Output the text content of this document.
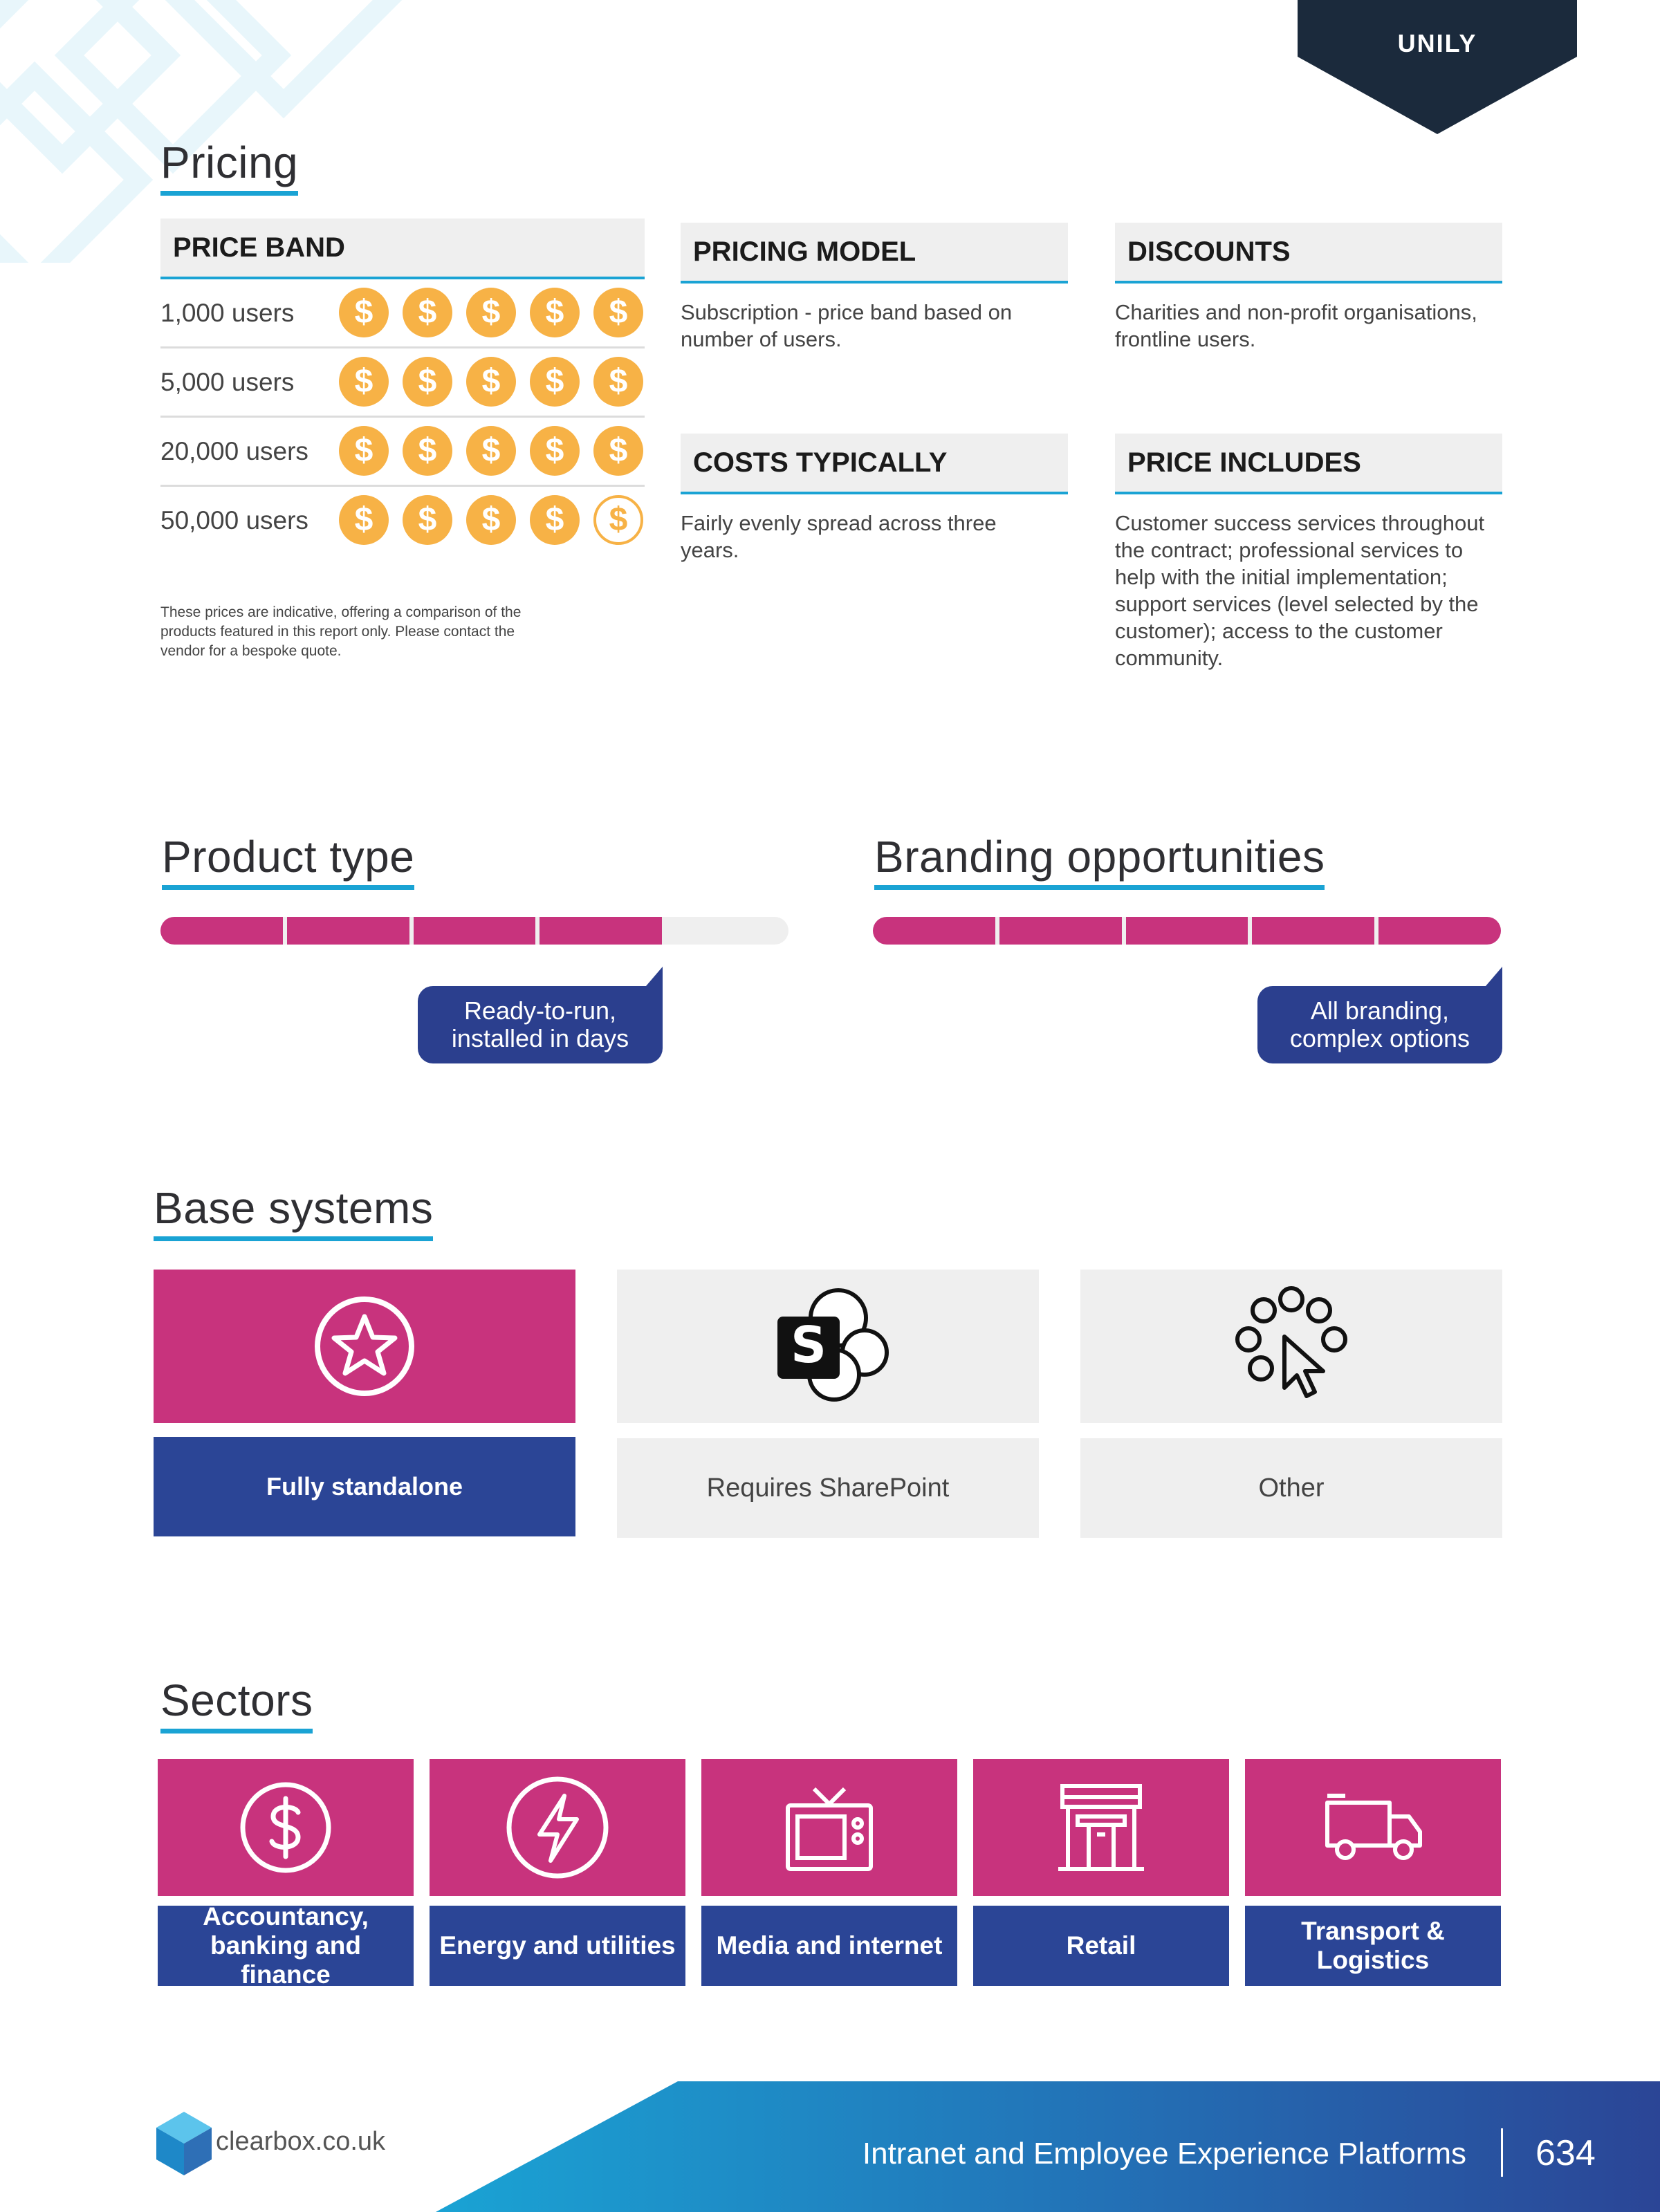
UNILY
Pricing
PRICE BAND
1,000 users	$	$	$	$	$
5,000 users	$	$	$	$	$
20,000 users	$	$	$	$	$
50,000 users	$	$	$	$	$
These prices are indicative, offering a comparison of the products featured in this report only. Please contact the vendor for a bespoke quote.
PRICING MODEL
Subscription - price band based on number of users.
DISCOUNTS
Charities and non-profit organisations, frontline users.
COSTS TYPICALLY
Fairly evenly spread across three years.
PRICE INCLUDES
Customer success services throughout the contract; professional services to help with the initial implementation; support services (level selected by the customer); access to the customer community.
Product type
Ready-to-run, installed in days
Branding opportunities
All branding, complex options
Base systems
Fully standalone
S
Requires SharePoint	Other
Sectors
Accountancy, banking and finance
Energy and utilities	Media and internet	Retail
Transport & Logistics
clearbox.co.uk	Intranet and Employee Experience Platforms 634
